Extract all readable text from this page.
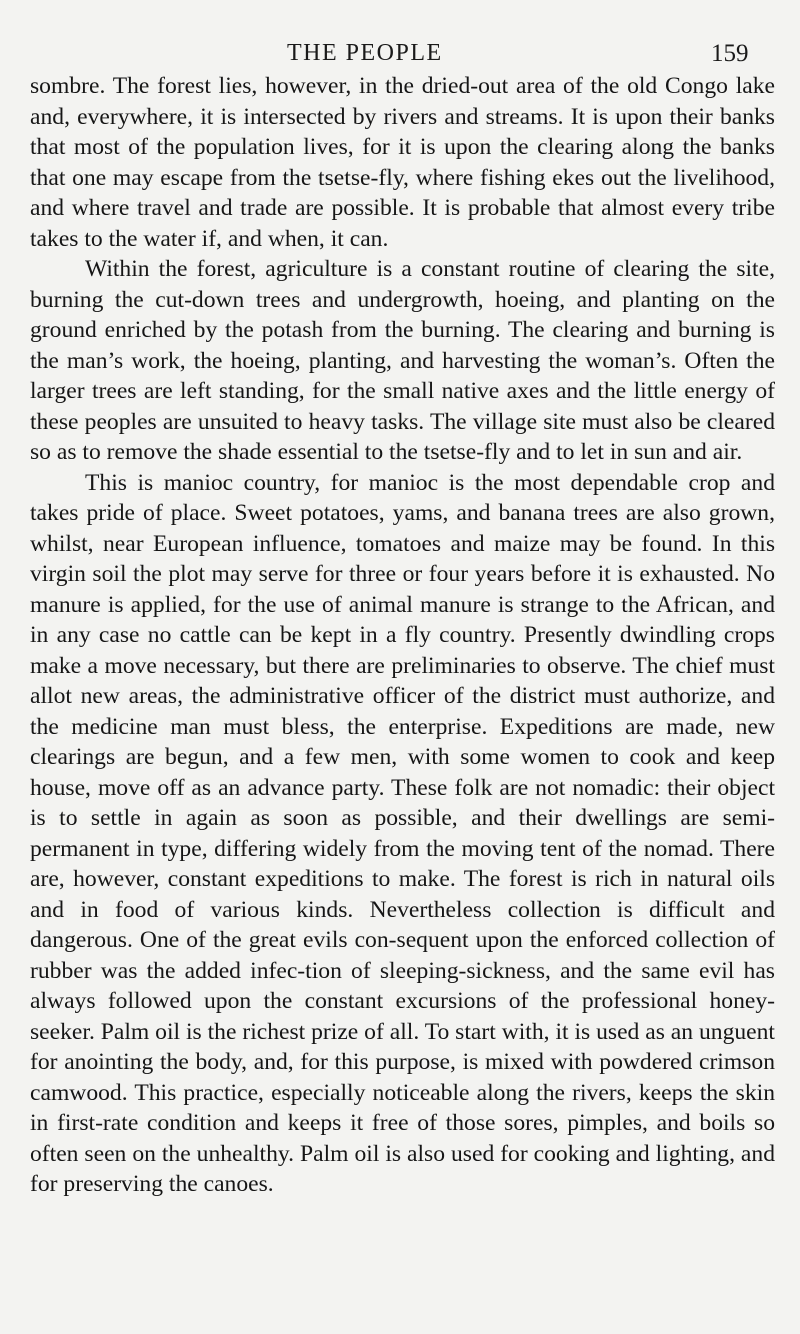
THE PEOPLE	159

sombre. The forest lies, however, in the dried-out area of the old Congo lake and, everywhere, it is intersected by rivers and streams. It is upon their banks that most of the population lives, for it is upon the clearing along the banks that one may escape from the tsetse-fly, where fishing ekes out the livelihood, and where travel and trade are possible. It is probable that almost every tribe takes to the water if, and when, it can.

Within the forest, agriculture is a constant routine of clearing the site, burning the cut-down trees and undergrowth, hoeing, and planting on the ground enriched by the potash from the burning. The clearing and burning is the man’s work, the hoeing, planting, and harvesting the woman’s. Often the larger trees are left standing, for the small native axes and the little energy of these peoples are unsuited to heavy tasks. The village site must also be cleared so as to remove the shade essential to the tsetse-fly and to let in sun and air.

This is manioc country, for manioc is the most dependable crop and takes pride of place. Sweet potatoes, yams, and banana trees are also grown, whilst, near European influence, tomatoes and maize may be found. In this virgin soil the plot may serve for three or four years before it is exhausted. No manure is applied, for the use of animal manure is strange to the African, and in any case no cattle can be kept in a fly country. Presently dwindling crops make a move necessary, but there are preliminaries to observe. The chief must allot new areas, the administrative officer of the district must authorize, and the medicine man must bless, the enterprise. Expeditions are made, new clearings are begun, and a few men, with some women to cook and keep house, move off as an advance party. These folk are not nomadic: their object is to settle in again as soon as possible, and their dwellings are semi-permanent in type, differing widely from the moving tent of the nomad. There are, however, constant expeditions to make. The forest is rich in natural oils and in food of various kinds. Nevertheless collection is difficult and dangerous. One of the great evils con-sequent upon the enforced collection of rubber was the added infec-tion of sleeping-sickness, and the same evil has always followed upon the constant excursions of the professional honey-seeker. Palm oil is the richest prize of all. To start with, it is used as an unguent for anointing the body, and, for this purpose, is mixed with powdered crimson camwood. This practice, especially noticeable along the rivers, keeps the skin in first-rate condition and keeps it free of those sores, pimples, and boils so often seen on the unhealthy. Palm oil is also used for cooking and lighting, and for preserving the canoes.
